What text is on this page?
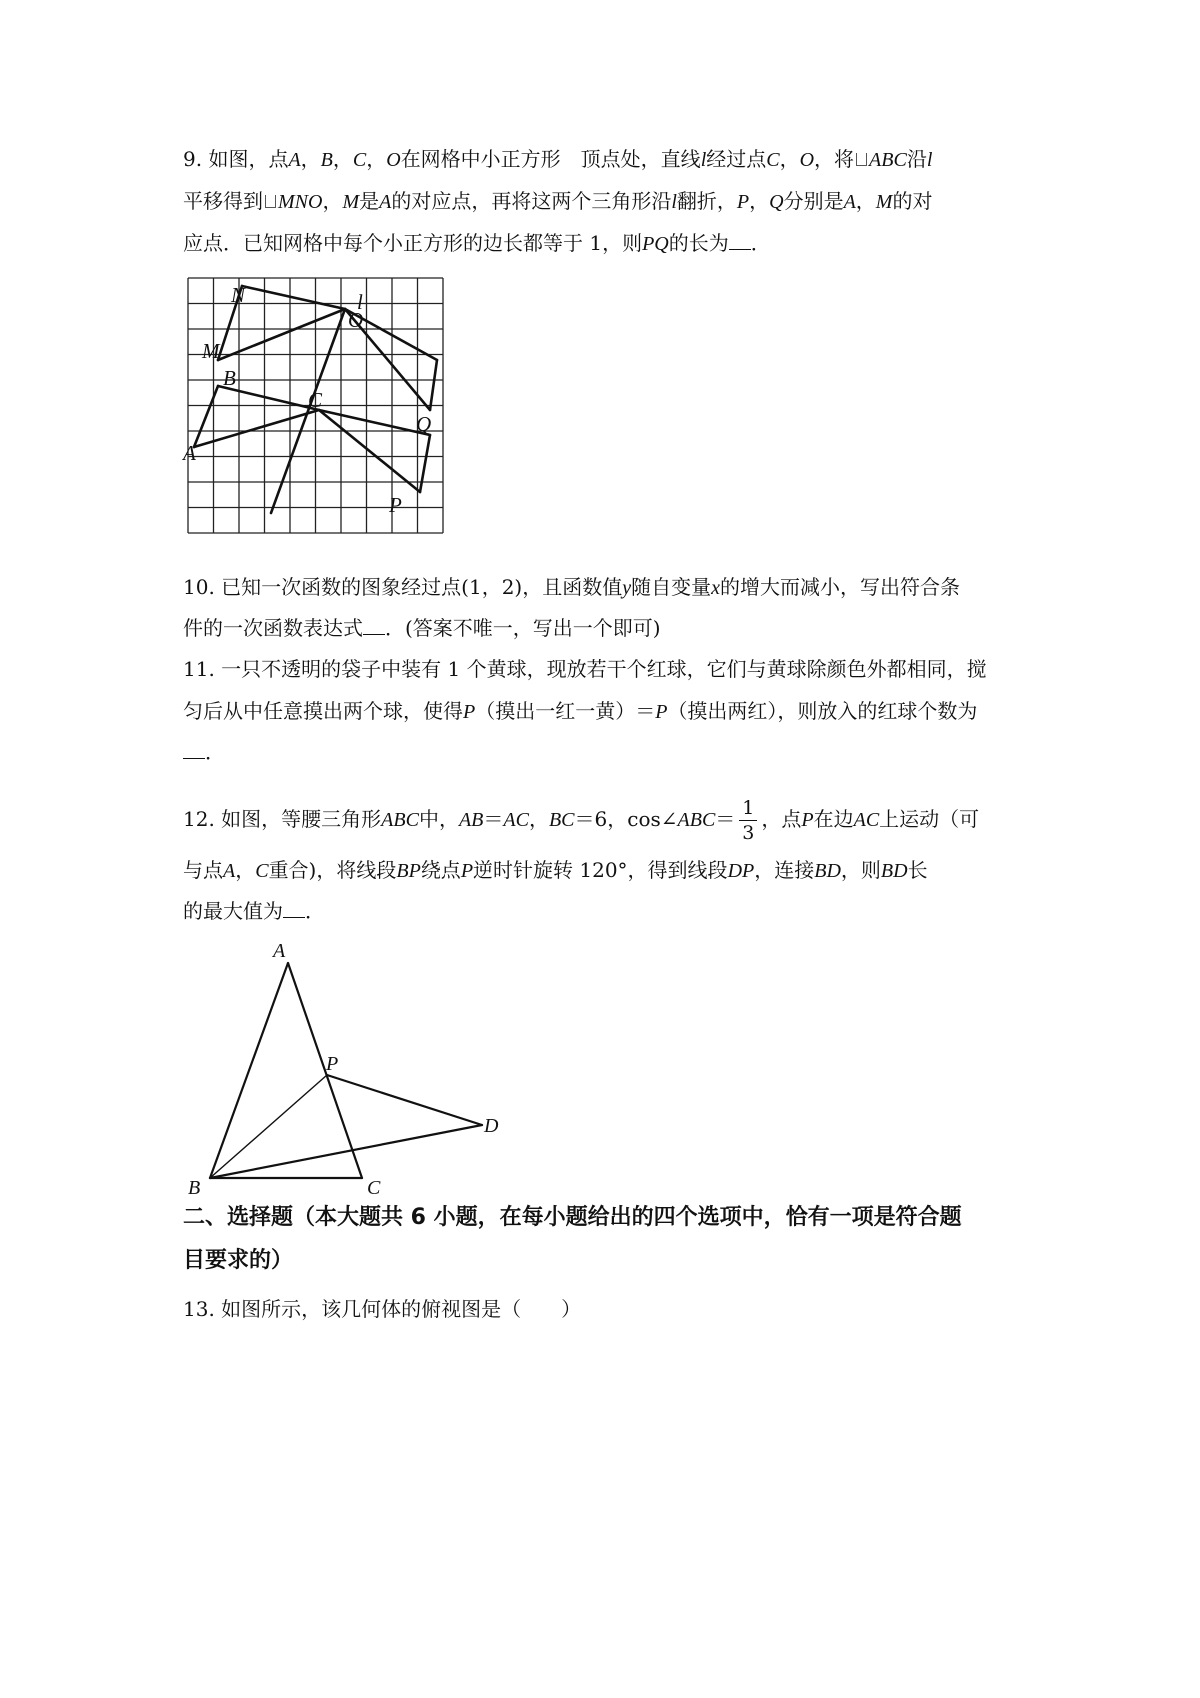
9. 如图，点A，B，C，O在网格中小正方形　顶点处，直线l经过点C，O，将 ABC沿l
平移得到 MNO，M是A的对应点，再将这两个三角形沿l翻折，P，Q分别是A，M的对
应点．已知网格中每个小正方形的边长都等于 1，则PQ的长为 ．
N	l
O
M
B
C
Q
A
P
10. 已知一次函数的图象经过点(1，2)，且函数值y随自变量x的增大而减小，写出符合条
件的一次函数表达式 ．(答案不唯一，写出一个即可)
11. 一只不透明的袋子中装有 1 个黄球，现放若干个红球，它们与黄球除颜色外都相同，搅
匀后从中任意摸出两个球，使得P（摸出一红一黄）＝P（摸出两红），则放入的红球个数为
．
12. 如图，等腰三角形ABC中，AB＝AC，BC＝6，cos∠ABC＝ $\frac{1}{3}$ ，点P在边AC上运动（可
与点A，C重合)，将线段BP绕点P逆时针旋转 120°，得到线段DP，连接BD，则BD长
的最大值为 ．
A
P
D
B	C
二、选择题（本大题共 6 小题，在每小题给出的四个选项中，恰有一项是符合题
目要求的）
13. 如图所示，该几何体的俯视图是（　　）
